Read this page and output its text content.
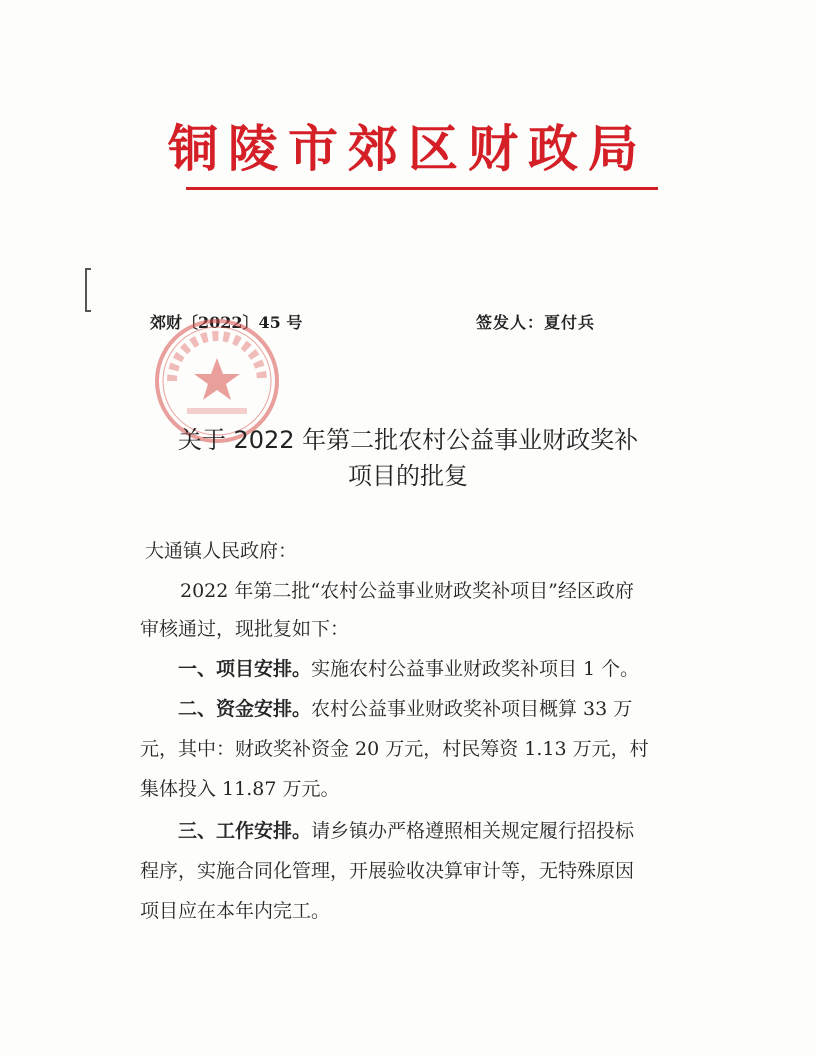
铜陵市郊区财政局
郊财〔2022〕45 号	签发人：夏付兵
关于 2022 年第二批农村公益事业财政奖补
项目的批复
大通镇人民政府：
2022 年第二批“农村公益事业财政奖补项目”经区政府
审核通过，现批复如下：
一、项目安排。实施农村公益事业财政奖补项目 1 个。
二、资金安排。农村公益事业财政奖补项目概算 33 万
元，其中：财政奖补资金 20 万元，村民筹资 1.13 万元，村
集体投入 11.87 万元。
三、工作安排。请乡镇办严格遵照相关规定履行招投标
程序，实施合同化管理，开展验收决算审计等，无特殊原因
项目应在本年内完工。
